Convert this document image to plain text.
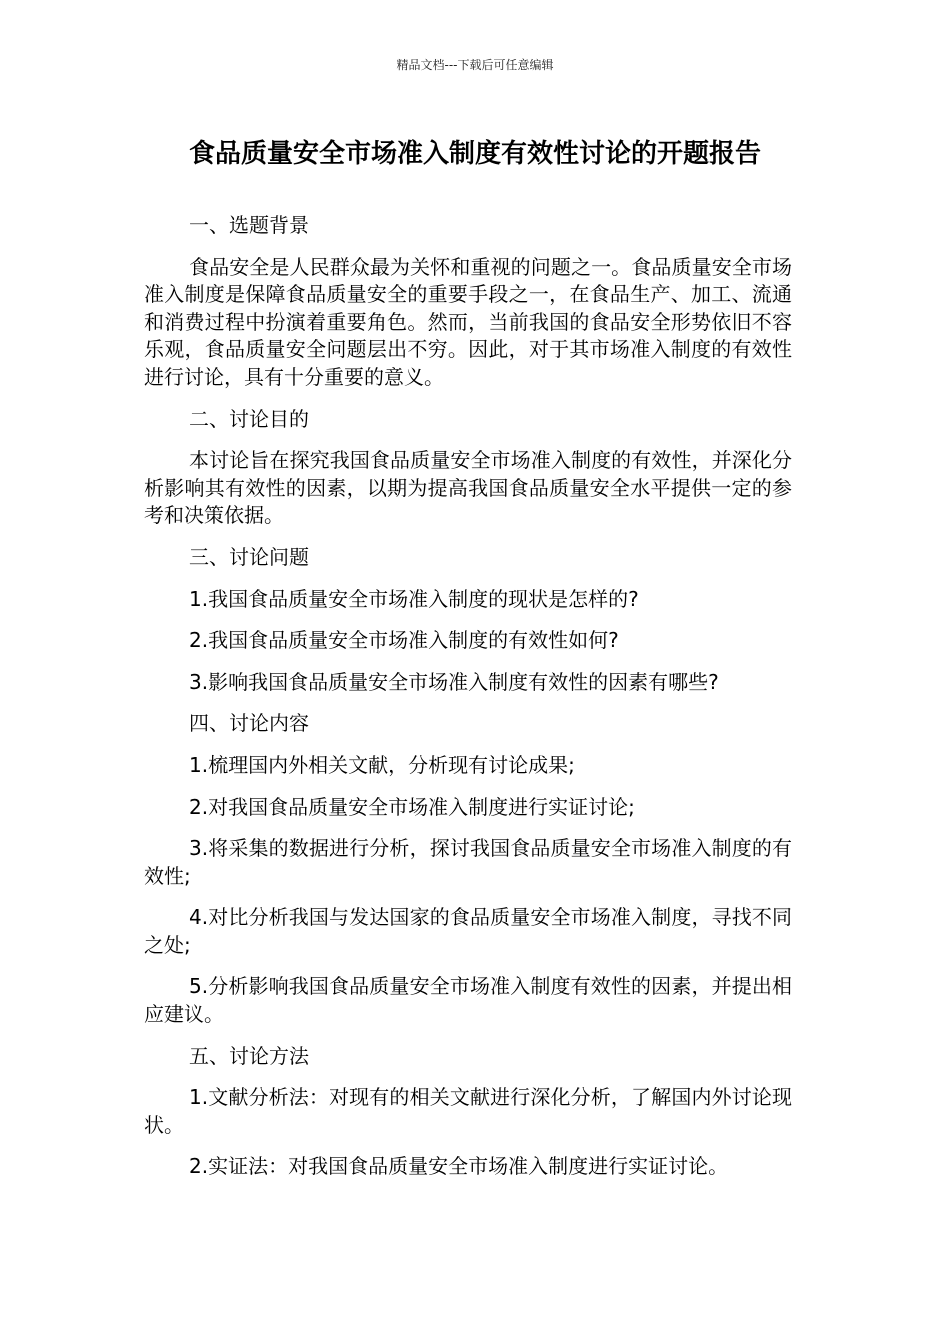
精品文档---下载后可任意编辑
食品质量安全市场准入制度有效性讨论的开题报告

一、选题背景

食品安全是人民群众最为关怀和重视的问题之一。食品质量安全市场准入制度是保障食品质量安全的重要手段之一，在食品生产、加工、流通和消费过程中扮演着重要角色。然而，当前我国的食品安全形势依旧不容乐观，食品质量安全问题层出不穷。因此，对于其市场准入制度的有效性进行讨论，具有十分重要的意义。

二、讨论目的

本讨论旨在探究我国食品质量安全市场准入制度的有效性，并深化分析影响其有效性的因素，以期为提高我国食品质量安全水平提供一定的参考和决策依据。

三、讨论问题

1.我国食品质量安全市场准入制度的现状是怎样的?

2.我国食品质量安全市场准入制度的有效性如何?

3.影响我国食品质量安全市场准入制度有效性的因素有哪些?

四、讨论内容

1.梳理国内外相关文献，分析现有讨论成果;

2.对我国食品质量安全市场准入制度进行实证讨论;

3.将采集的数据进行分析，探讨我国食品质量安全市场准入制度的有效性;

4.对比分析我国与发达国家的食品质量安全市场准入制度，寻找不同之处;

5.分析影响我国食品质量安全市场准入制度有效性的因素，并提出相应建议。

五、讨论方法

1.文献分析法：对现有的相关文献进行深化分析，了解国内外讨论现状。

2.实证法：对我国食品质量安全市场准入制度进行实证讨论。
